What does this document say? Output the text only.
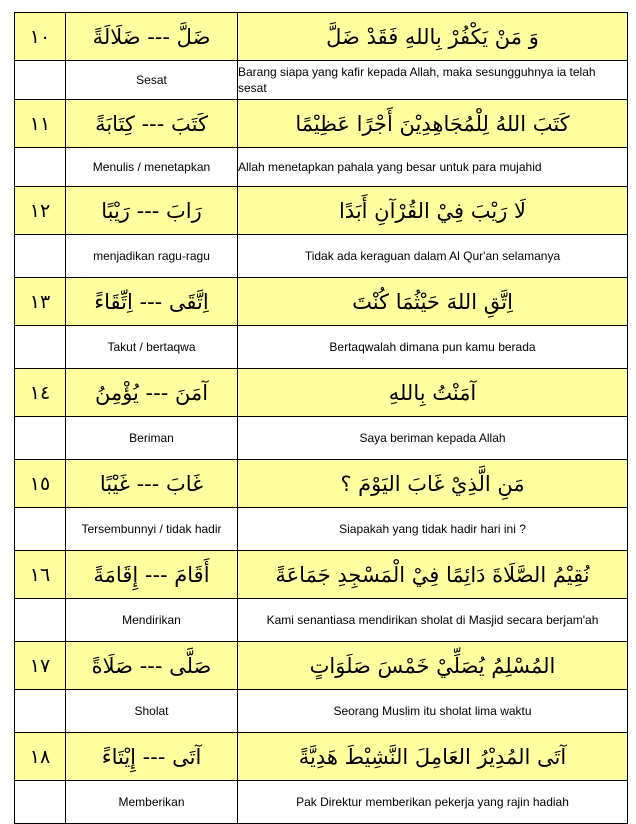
١٠	ضَلَّ --- ضَلَالَةً	وَ مَنْ يَكْفُرْ بِاللهِ فَقَدْ ضَلَّ
	Sesat	Barang siapa yang kafir kepada Allah, maka sesungguhnya ia telah sesat
١١	كَتَبَ --- كِتَابَةً	كَتَبَ اللهُ لِلْمُجَاهِدِيْنَ أَجْرًا عَظِيْمًا
	Menulis / menetapkan	Allah menetapkan pahala yang besar untuk para mujahid
١٢	رَابَ --- رَيْبًا	لَا رَيْبَ فِيْ القُرْآنِ أَبَدًا
	menjadikan ragu-ragu	Tidak ada keraguan dalam Al Qur'an selamanya
١٣	اِتَّقَى --- اِتِّقَاءً	اِتَّقِ اللهَ حَيْثُمَا كُنْتَ
	Takut / bertaqwa	Bertaqwalah dimana pun kamu berada
١٤	آمَنَ --- يُؤْمِنُ	آمَنْتُ بِاللهِ
	Beriman	Saya beriman kepada Allah
١٥	غَابَ --- غَيْبًا	مَنِ الَّذِيْ غَابَ اليَوْمَ ؟
	Tersembunnyi / tidak hadir	Siapakah yang tidak hadir hari ini ?
١٦	أَقَامَ --- إِقَامَةً	نُقِيْمُ الصَّلَاةَ دَائِمًا فِيْ الْمَسْجِدِ جَمَاعَةً
	Mendirikan	Kami senantiasa mendirikan sholat di Masjid secara berjam'ah
١٧	صَلَّى --- صَلَاةً	المُسْلِمُ يُصَلِّيْ خَمْسَ صَلَوَاتٍ
	Sholat	Seorang Muslim itu sholat lima waktu
١٨	آتَى --- إِيْتَاءً	آتَى المُدِيْرُ العَامِلَ النَّشِيْطَ هَدِيَّةً
	Memberikan	Pak Direktur memberikan pekerja yang rajin hadiah
